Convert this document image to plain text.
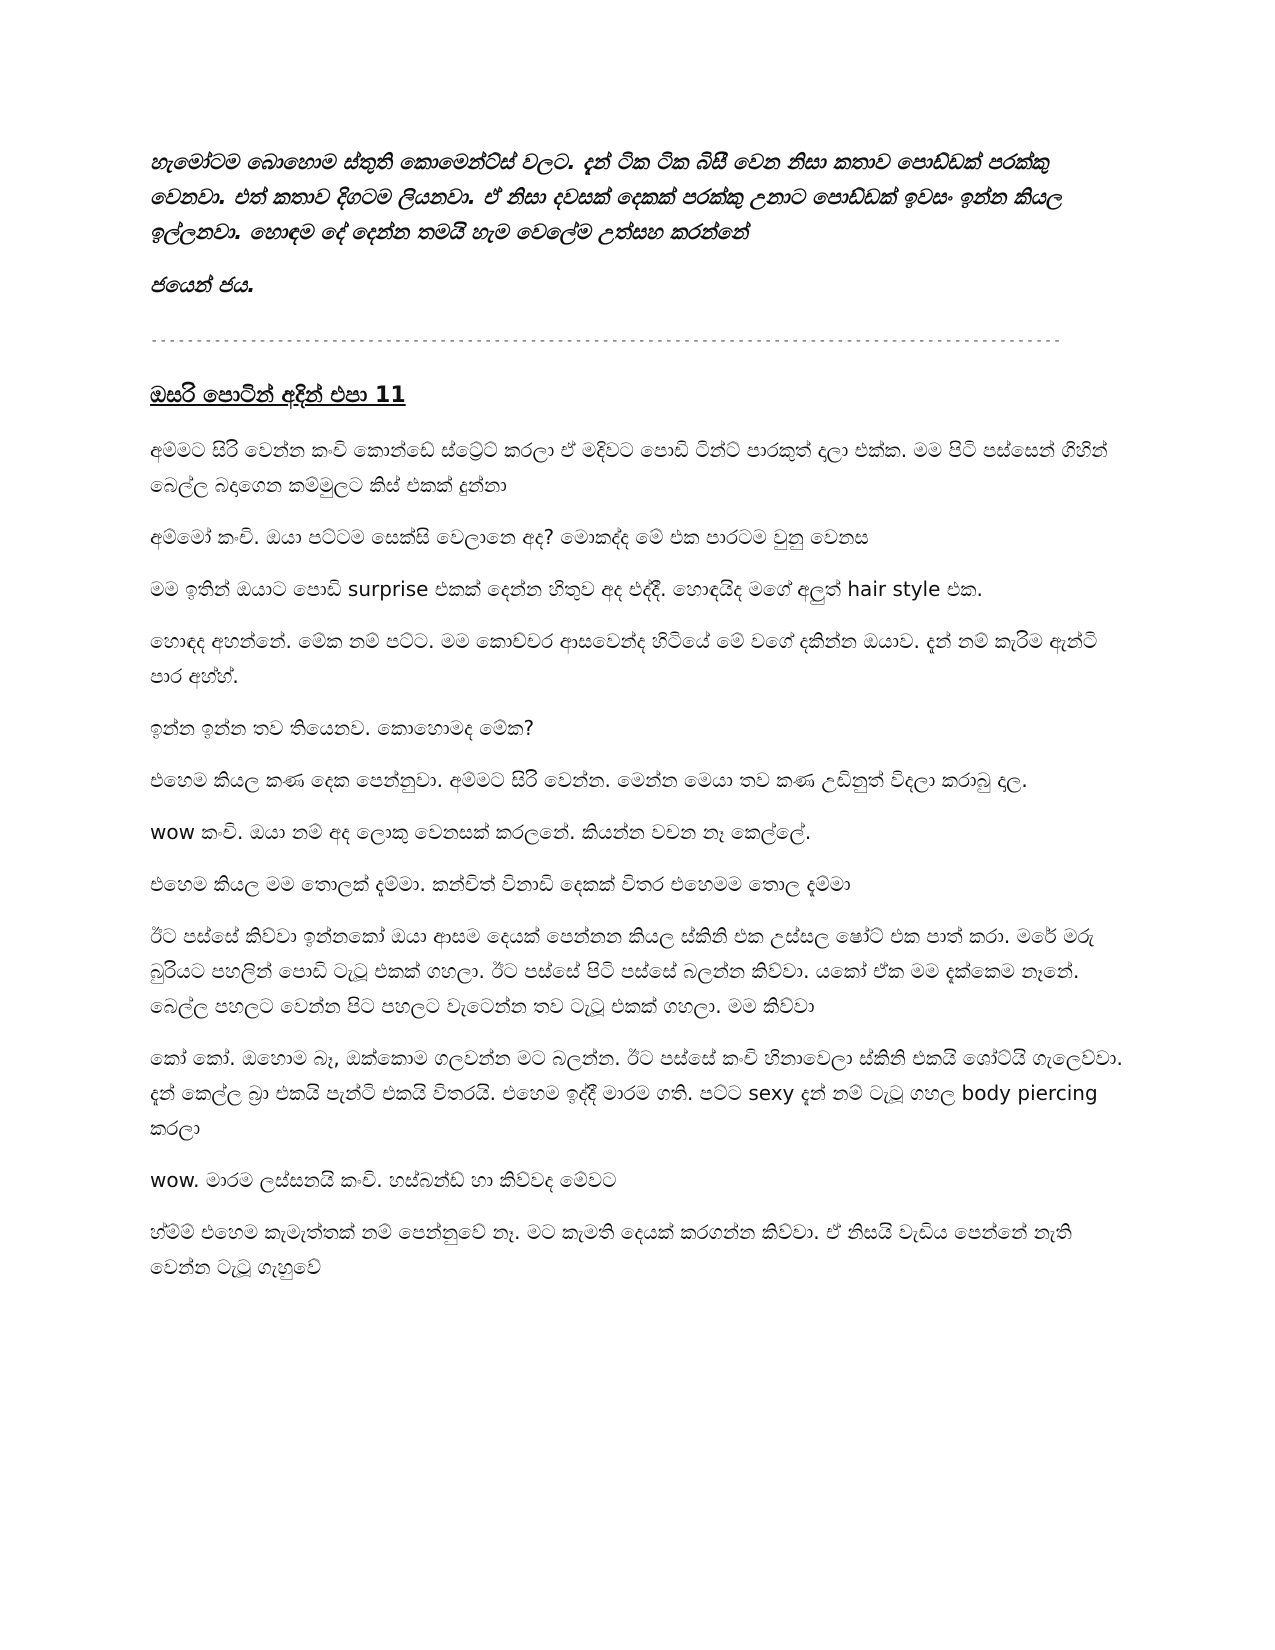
හැමෝටම බොහොම ස්තුති කොමෙන්ට්ස් වලට. දැන් ටික ටික බිසී වෙන නිසා කතාව පොඩ්ඩක් පරක්කු වෙනවා. එත් කතාව දිගටම ලියනවා. ඒ නිසා දවසක් දෙකක් පරක්කු උනාට පොඩ්ඩක් ඉවසං ඉන්න කියල ඉල්ලනවා. හොඳම දේ දෙන්න තමයි හැම වෙලේම උත්සහ කරන්නේ

ජයෙන් ජය.

-----------------------------------------------------------------------------------------------------
ඔසරි පොටින් අදින් එපා 11

අම්මට සිරි වෙන්න කංචි කොන්ඩේ ස්ට්‍රේට් කරලා ඒ මදිවට පොඩි ටින්ට් පාරකුත් දාලා එක්ක. මම පිටි පස්සෙන් ගිහින් බෙල්ල බදාගෙන කම්මුලට කිස් එකක් දුන්නා

අම්මෝ කංචි. ඔයා පට්ටම සෙක්සි වෙලානෙ අද? මොකද්ද මේ එක පාරටම වුනු වෙනස

මම ඉතින් ඔයාට පොඩි surprise එකක් දෙන්න හිතුව අද එද්දී. හොඳයිද මගේ අලුත් hair style එක.

හොඳද අහන්නේ. මේක නම් පට්ට. මම කොච්චර ආසවෙන්ද හිටියේ මේ වගේ දකින්න ඔයාව. දැන් නම් කැරිම ඇන්ටි පාර අහ්හ්.

ඉන්න ඉන්න තව තියෙනව. කොහොමද මේක?

එහෙම කියල කණ දෙක පෙන්නුවා. අම්මට සිරි වෙන්න. මෙන්න මෙයා තව කණ උඩිනුත් විදලා කරාබු දාල.

wow කංචි. ඔයා නම් අද ලොකු වෙනසක් කරලනේ. කියන්න වචන නෑ කෙල්ලේ.

එහෙම කියල මම තොලක් දැම්මා. කන්චිත් විනාඩි දෙකක් විතර එහෙමම තොල දැම්මා

ඊට පස්සේ කිව්වා ඉන්නකෝ ඔයා ආසම දෙයක් පෙන්නන කියල ස්කිනි එක උස්සල ෂෝට් එක පාත් කරා. මරේ මරු බුරියට පහලින් පොඩි ටැටූ එකක් ගහලා. ඊට පස්සේ පිටි පස්සේ බලන්න කිව්වා. යකෝ ඒක මම දැක්කෙම නෑනේ. බෙල්ල පහලට වෙන්න පිට පහලට වැටෙන්න තව ටැටූ එකක් ගහලා. මම කිව්වා

කෝ කෝ. ඔහොම බෑ, ඔක්කොම ගලවන්න මට බලන්න. ඊට පස්සේ කංචි හිනාවෙලා ස්කිනි එකයි ශෝට්යි ගැලෙව්වා. දැන් කෙල්ල බ්‍රා එකයි පැන්ටි එකයි විතරයි. එහෙම ඉද්දී මාරම ගති. පට්ට sexy දැන් නම් ටැටූ ගහල body piercing කරලා

wow. මාරම ලස්සනයි කංචි. හස්බන්ඩ් හා කිව්වද මේවට

හ්ම්ම් එහෙම කැමැත්තක් නම් පෙන්නුවේ නෑ. මට කැමති දෙයක් කරගන්න කිව්වා. ඒ නිසයි වැඩිය පෙන්නේ නැති වෙන්න ටැටූ ගැහුවේ
